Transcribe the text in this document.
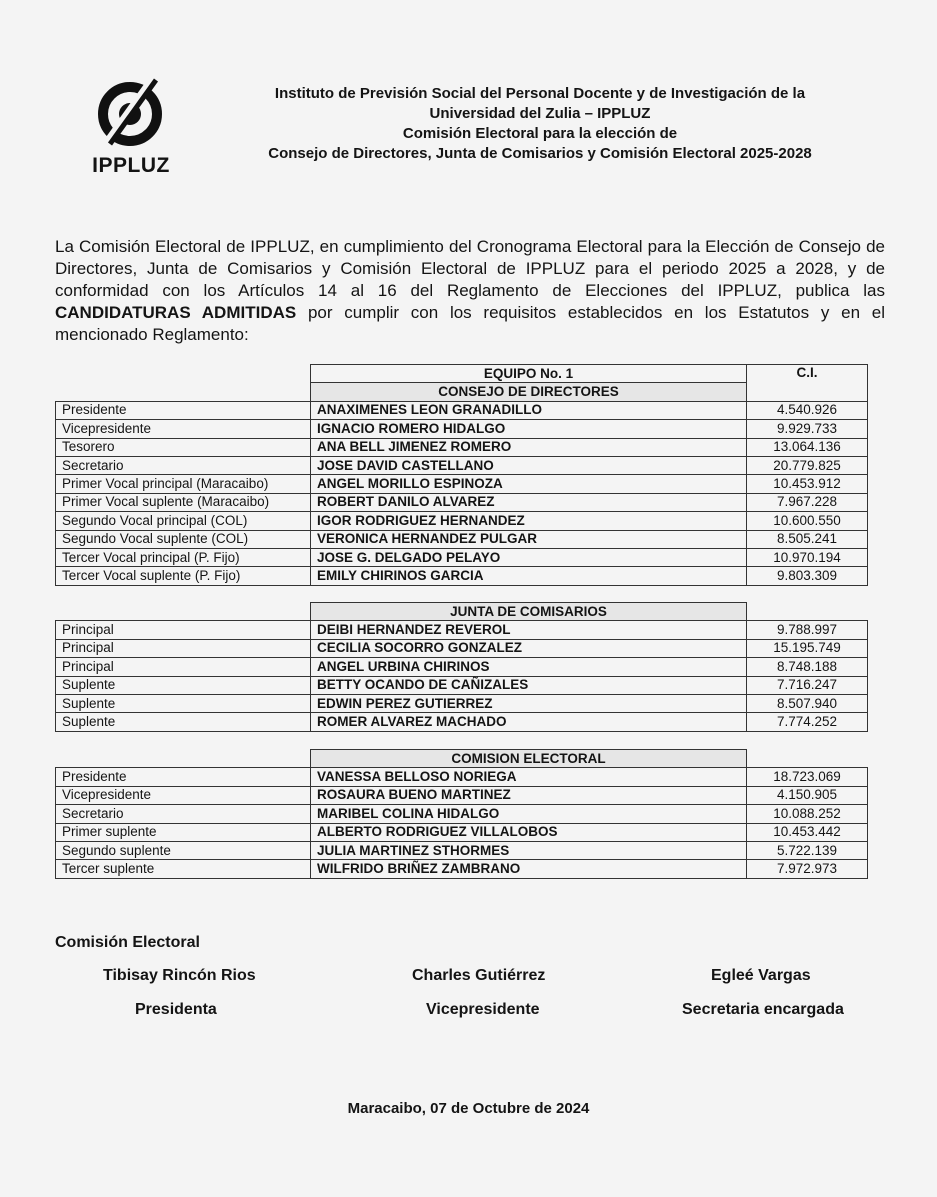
IPPLUZ
Instituto de Previsión Social del Personal Docente y de Investigación de la
Universidad del Zulia – IPPLUZ
Comisión Electoral para la elección de
Consejo de Directores, Junta de Comisarios y Comisión Electoral 2025-2028

La Comisión Electoral de IPPLUZ, en cumplimiento del Cronograma Electoral para la Elección de Consejo de Directores, Junta de Comisarios y Comisión Electoral de IPPLUZ para el periodo 2025 a 2028, y de conformidad con los Artículos 14 al 16 del Reglamento de Elecciones del IPPLUZ, publica las CANDIDATURAS ADMITIDAS por cumplir con los requisitos establecidos en los Estatutos y en el mencionado Reglamento:

	EQUIPO No. 1	C.I.
	CONSEJO DE DIRECTORES	
Presidente	ANAXIMENES LEON GRANADILLO	4.540.926
Vicepresidente	IGNACIO ROMERO HIDALGO	9.929.733
Tesorero	ANA BELL JIMENEZ ROMERO	13.064.136
Secretario	JOSE DAVID CASTELLANO	20.779.825
Primer Vocal principal (Maracaibo)	ANGEL MORILLO ESPINOZA	10.453.912
Primer Vocal suplente (Maracaibo)	ROBERT DANILO ALVAREZ	7.967.228
Segundo Vocal principal (COL)	IGOR RODRIGUEZ HERNANDEZ	10.600.550
Segundo Vocal suplente (COL)	VERONICA HERNANDEZ PULGAR	8.505.241
Tercer Vocal principal (P. Fijo)	JOSE G. DELGADO PELAYO	10.970.194
Tercer Vocal suplente (P. Fijo)	EMILY CHIRINOS GARCIA	9.803.309
	JUNTA DE COMISARIOS	
Principal	DEIBI HERNANDEZ REVEROL	9.788.997
Principal	CECILIA SOCORRO GONZALEZ	15.195.749
Principal	ANGEL URBINA CHIRINOS	8.748.188
Suplente	BETTY OCANDO DE CAÑIZALES	7.716.247
Suplente	EDWIN PEREZ GUTIERREZ	8.507.940
Suplente	ROMER ALVAREZ MACHADO	7.774.252
	COMISION ELECTORAL	
Presidente	VANESSA BELLOSO NORIEGA	18.723.069
Vicepresidente	ROSAURA BUENO MARTINEZ	4.150.905
Secretario	MARIBEL COLINA HIDALGO	10.088.252
Primer suplente	ALBERTO RODRIGUEZ VILLALOBOS	10.453.442
Segundo suplente	JULIA MARTINEZ STHORMES	5.722.139
Tercer suplente	WILFRIDO BRIÑEZ ZAMBRANO	7.972.973
Comisión Electoral
Tibisay Rincón Rios
Presidenta
Charles Gutiérrez
Vicepresidente
Egleé Vargas
Secretaria encargada
Maracaibo, 07 de Octubre de 2024
